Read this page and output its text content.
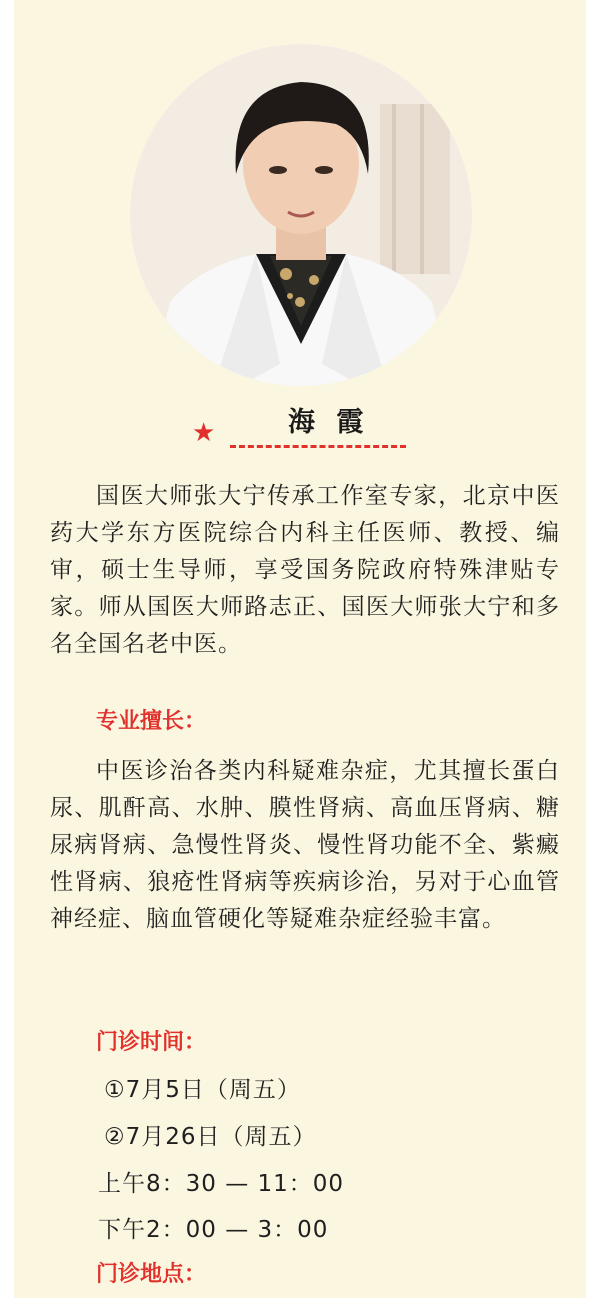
★	海 霞

国医大师张大宁传承工作室专家，北京中医药大学东方医院综合内科主任医师、教授、编审，硕士生导师，享受国务院政府特殊津贴专家。师从国医大师路志正、国医大师张大宁和多名全国名老中医。

专业擅长：

中医诊治各类内科疑难杂症，尤其擅长蛋白尿、肌酐高、水肿、膜性肾病、高血压肾病、糖尿病肾病、急慢性肾炎、慢性肾功能不全、紫癜性肾病、狼疮性肾病等疾病诊治，另对于心血管神经症、脑血管硬化等疑难杂症经验丰富。

门诊时间：

①7月5日（周五）

②7月26日（周五）

上午8：30 — 11：00

下午2：00 — 3：00

门诊地点：
